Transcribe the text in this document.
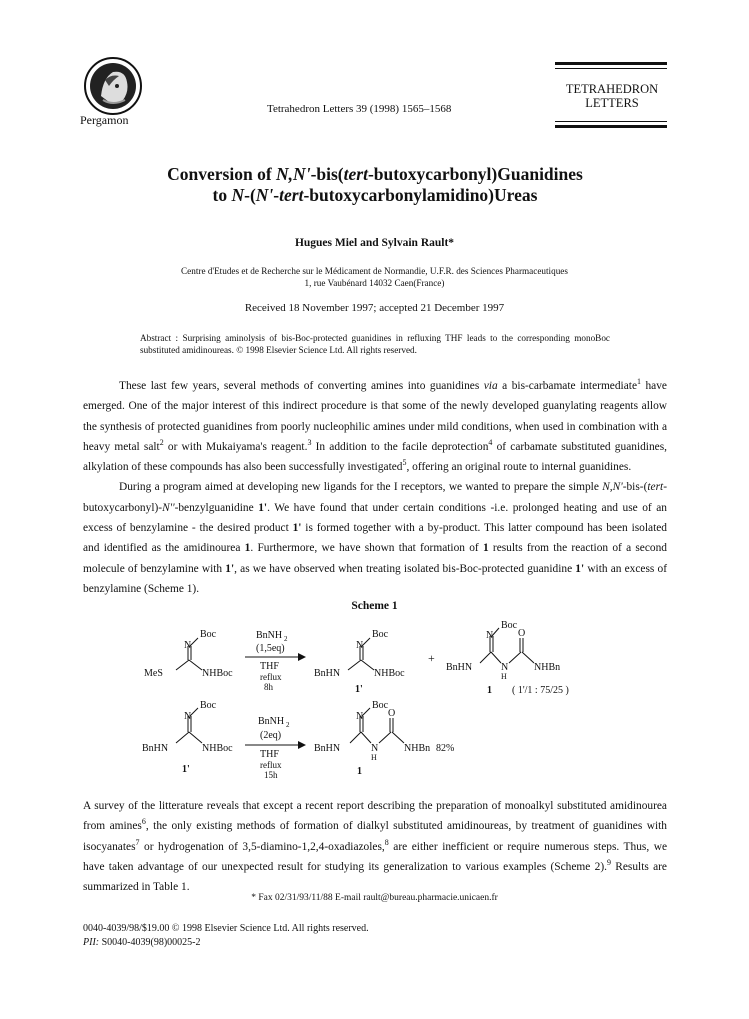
Pergamon
Tetrahedron Letters 39 (1998) 1565–1568
TETRAHEDRON
LETTERS
Conversion of N,N'-bis(tert-butoxycarbonyl)Guanidines
to N-(N'-tert-butoxycarbonylamidino)Ureas
Hugues Miel and Sylvain Rault*
Centre d'Etudes et de Recherche sur le Médicament de Normandie, U.F.R. des Sciences Pharmaceutiques
1, rue Vaubénard 14032 Caen(France)
Received 18 November 1997; accepted 21 December 1997
Abstract : Surprising aminolysis of bis-Boc-protected guanidines in refluxing THF leads to the corresponding monoBoc substituted amidinoureas. © 1998 Elsevier Science Ltd. All rights reserved.

These last few years, several methods of converting amines into guanidines via a bis-carbamate intermediate$^1$ have emerged. One of the major interest of this indirect procedure is that some of the newly developed guanylating reagents allow the synthesis of protected guanidines from poorly nucleophilic amines under mild conditions, when used in combination with a heavy metal salt$^2$ or with Mukaiyama's reagent.$^3$ In addition to the facile deprotection$^4$ of carbamate substituted guanidines, alkylation of these compounds has also been successfully investigated$^5$, offering an original route to internal guanidines.

During a program aimed at developing new ligands for the I receptors, we wanted to prepare the simple N,N'-bis-(tert-butoxycarbonyl)-N''-benzylguanidine 1'. We have found that under certain conditions -i.e. prolonged heating and use of an excess of benzylamine - the desired product 1' is formed together with a by-product. This latter compound has been isolated and identified as the amidinourea 1. Furthermore, we have shown that formation of 1 results from the reaction of a second molecule of benzylamine with 1', as we have observed when treating isolated bis-Boc-protected guanidine 1' with an excess of benzylamine (Scheme 1).

Scheme 1
Boc
N
MeS	NHBoc
BnNH 2
(1,5eq)
THF
reflux
8h
Boc
N
BnHN	NHBoc
1'
+
Boc
N O
BnHN	N
H
NHBn
1 ( 1'/1 : 75/25 )
Boc
N
BnHN	NHBoc
1'
BnNH 2
(2eq)
THF
reflux
15h
Boc
N O
BnHN	N
H
NHBn 82%
1

A survey of the litterature reveals that except a recent report describing the preparation of monoalkyl substituted amidinourea from amines$^6$, the only existing methods of formation of dialkyl substituted amidinoureas, by treatment of guanidines with isocyanates$^7$ or hydrogenation of 3,5-diamino-1,2,4-oxadiazoles,$^8$ are either inefficient or require numerous steps. Thus, we have taken advantage of our unexpected result for studying its generalization to various examples (Scheme 2).$^9$ Results are summarized in Table 1.

* Fax 02/31/93/11/88 E-mail rault@bureau.pharmacie.unicaen.fr
0040-4039/98/$19.00 © 1998 Elsevier Science Ltd. All rights reserved.
PII: S0040-4039(98)00025-2
